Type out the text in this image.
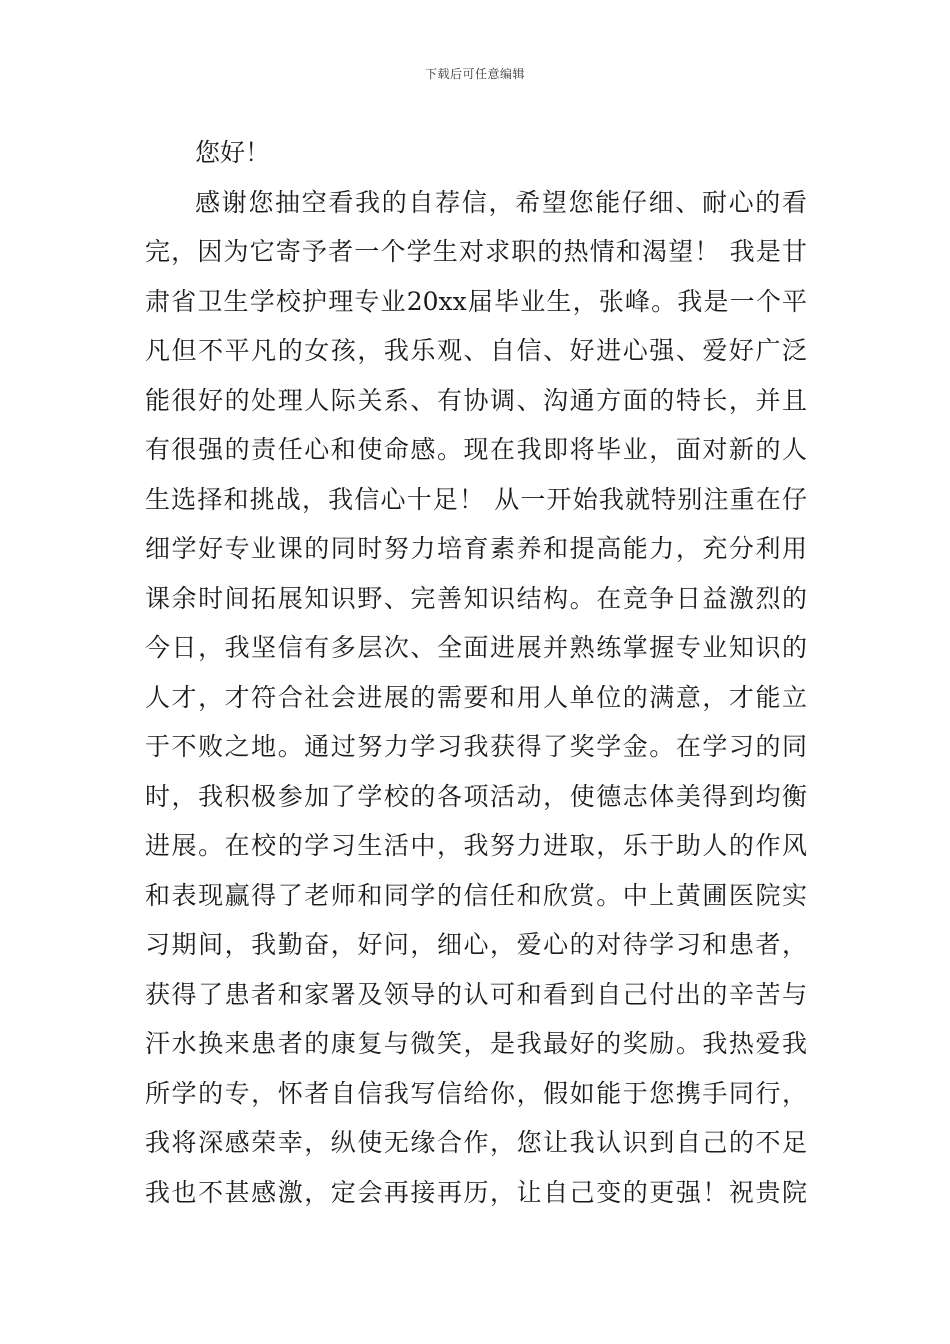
下载后可任意编辑
您好！
感谢您抽空看我的自荐信，希望您能仔细、耐心的看
完，因为它寄予者一个学生对求职的热情和渴望！ 我是甘
肃省卫生学校护理专业20xx届毕业生，张峰。我是一个平
凡但不平凡的女孩，我乐观、自信、好进心强、爱好广泛
能很好的处理人际关系、有协调、沟通方面的特长，并且
有很强的责任心和使命感。现在我即将毕业，面对新的人
生选择和挑战，我信心十足！ 从一开始我就特别注重在仔
细学好专业课的同时努力培育素养和提高能力，充分利用
课余时间拓展知识野、完善知识结构。在竞争日益激烈的
今日，我坚信有多层次、全面进展并熟练掌握专业知识的
人才，才符合社会进展的需要和用人单位的满意，才能立
于不败之地。通过努力学习我获得了奖学金。在学习的同
时，我积极参加了学校的各项活动，使德志体美得到均衡
进展。在校的学习生活中，我努力进取，乐于助人的作风
和表现赢得了老师和同学的信任和欣赏。中上黄圃医院实
习期间，我勤奋，好问，细心，爱心的对待学习和患者，
获得了患者和家署及领导的认可和看到自己付出的辛苦与
汗水换来患者的康复与微笑，是我最好的奖励。我热爱我
所学的专，怀者自信我写信给你，假如能于您携手同行，
我将深感荣幸，纵使无缘合作，您让我认识到自己的不足
我也不甚感激，定会再接再历，让自己变的更强！祝贵院
